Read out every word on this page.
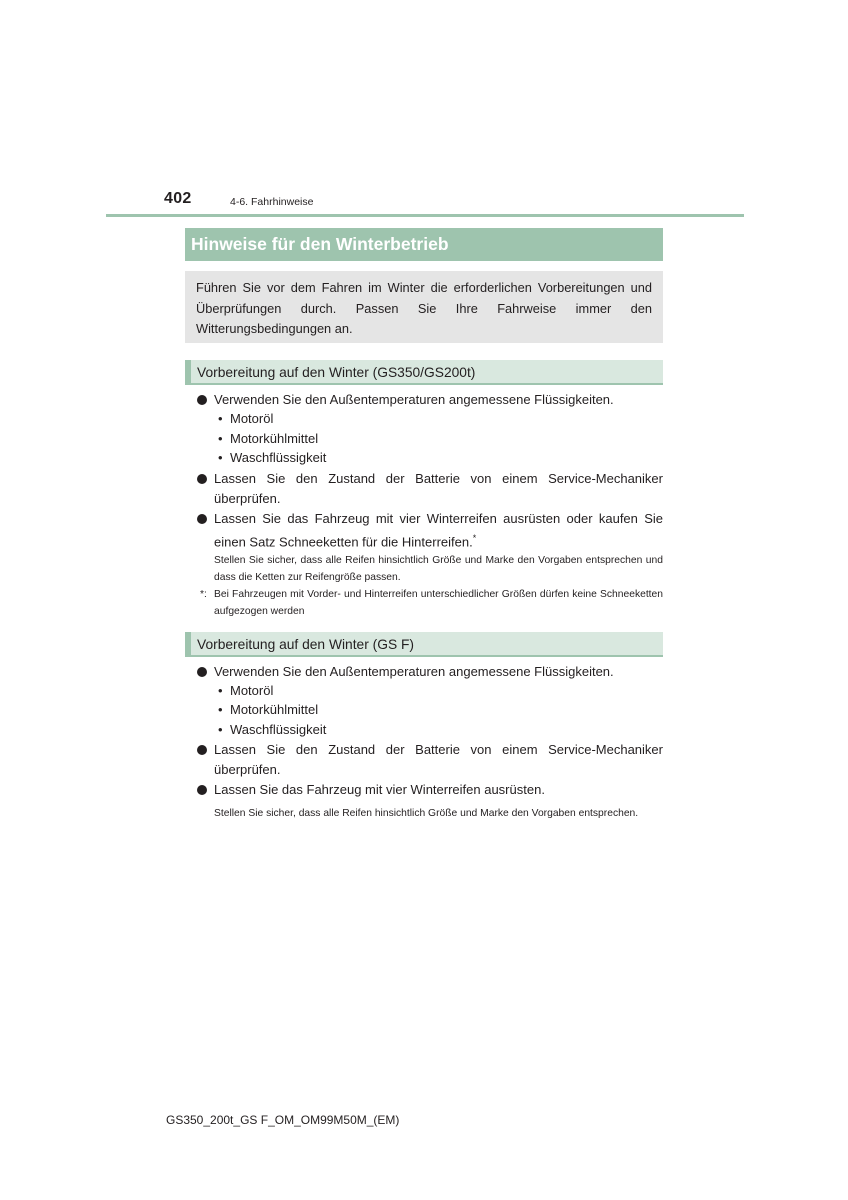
402	4-6. Fahrhinweise
Hinweise für den Winterbetrieb
Führen Sie vor dem Fahren im Winter die erforderlichen Vorbereitungen und Überprüfungen durch. Passen Sie Ihre Fahrweise immer den Witterungsbedingungen an.
Vorbereitung auf den Winter (GS350/GS200t)
Verwenden Sie den Außentemperaturen angemessene Flüssigkeiten.
• Motoröl
• Motorkühlmittel
• Waschflüssigkeit
Lassen Sie den Zustand der Batterie von einem Service-Mechaniker überprüfen.
Lassen Sie das Fahrzeug mit vier Winterreifen ausrüsten oder kaufen Sie einen Satz Schneeketten für die Hinterreifen.*
Stellen Sie sicher, dass alle Reifen hinsichtlich Größe und Marke den Vorgaben entsprechen und dass die Ketten zur Reifengröße passen.
*: Bei Fahrzeugen mit Vorder- und Hinterreifen unterschiedlicher Größen dürfen keine Schneeketten aufgezogen werden
Vorbereitung auf den Winter (GS F)
Verwenden Sie den Außentemperaturen angemessene Flüssigkeiten.
• Motoröl
• Motorkühlmittel
• Waschflüssigkeit
Lassen Sie den Zustand der Batterie von einem Service-Mechaniker überprüfen.
Lassen Sie das Fahrzeug mit vier Winterreifen ausrüsten.
Stellen Sie sicher, dass alle Reifen hinsichtlich Größe und Marke den Vorgaben entsprechen.
GS350_200t_GS F_OM_OM99M50M_(EM)
